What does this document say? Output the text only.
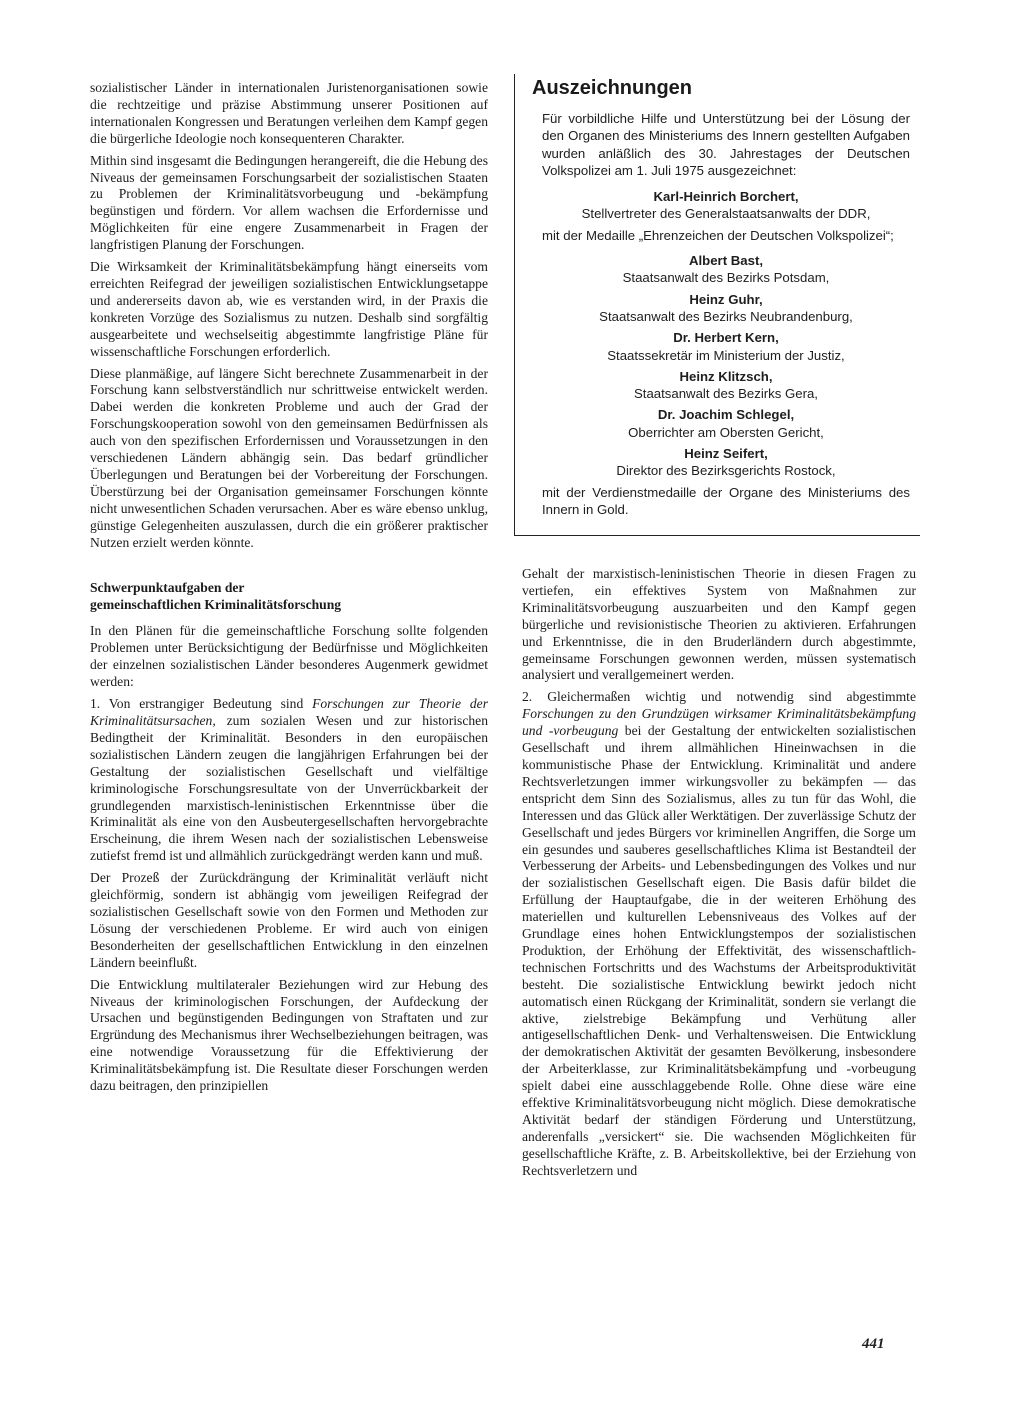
sozialistischer Länder in internationalen Juristenorganisationen sowie die rechtzeitige und präzise Abstimmung unserer Positionen auf internationalen Kongressen und Beratungen verleihen dem Kampf gegen die bürgerliche Ideologie noch konsequenteren Charakter.

Mithin sind insgesamt die Bedingungen herangereift, die die Hebung des Niveaus der gemeinsamen Forschungsarbeit der sozialistischen Staaten zu Problemen der Kriminalitätsvorbeugung und -bekämpfung begünstigen und fördern. Vor allem wachsen die Erfordernisse und Möglichkeiten für eine engere Zusammenarbeit in Fragen der langfristigen Planung der Forschungen.

Die Wirksamkeit der Kriminalitätsbekämpfung hängt einerseits vom erreichten Reifegrad der jeweiligen sozialistischen Entwicklungsetappe und andererseits davon ab, wie es verstanden wird, in der Praxis die konkreten Vorzüge des Sozialismus zu nutzen. Deshalb sind sorgfältig ausgearbeitete und wechselseitig abgestimmte langfristige Pläne für wissenschaftliche Forschungen erforderlich.

Diese planmäßige, auf längere Sicht berechnete Zusammenarbeit in der Forschung kann selbstverständlich nur schrittweise entwickelt werden. Dabei werden die konkreten Probleme und auch der Grad der Forschungskooperation sowohl von den gemeinsamen Bedürfnissen als auch von den spezifischen Erfordernissen und Voraussetzungen in den verschiedenen Ländern abhängig sein. Das bedarf gründlicher Überlegungen und Beratungen bei der Vorbereitung der Forschungen. Überstürzung bei der Organisation gemeinsamer Forschungen könnte nicht unwesentlichen Schaden verursachen. Aber es wäre ebenso unklug, günstige Gelegenheiten auszulassen, durch die ein größerer praktischer Nutzen erzielt werden könnte.

Schwerpunktaufgaben der
gemeinschaftlichen Kriminalitätsforschung

In den Plänen für die gemeinschaftliche Forschung sollte folgenden Problemen unter Berücksichtigung der Bedürfnisse und Möglichkeiten der einzelnen sozialistischen Länder besonderes Augenmerk gewidmet werden:

1. Von erstrangiger Bedeutung sind Forschungen zur Theorie der Kriminalitätsursachen, zum sozialen Wesen und zur historischen Bedingtheit der Kriminalität. Besonders in den europäischen sozialistischen Ländern zeugen die langjährigen Erfahrungen bei der Gestaltung der sozialistischen Gesellschaft und vielfältige kriminologische Forschungsresultate von der Unverrückbarkeit der grundlegenden marxistisch-leninistischen Erkenntnisse über die Kriminalität als eine von den Ausbeutergesellschaften hervorgebrachte Erscheinung, die ihrem Wesen nach der sozialistischen Lebensweise zutiefst fremd ist und allmählich zurückgedrängt werden kann und muß.

Der Prozeß der Zurückdrängung der Kriminalität verläuft nicht gleichförmig, sondern ist abhängig vom jeweiligen Reifegrad der sozialistischen Gesellschaft sowie von den Formen und Methoden zur Lösung der verschiedenen Probleme. Er wird auch von einigen Besonderheiten der gesellschaftlichen Entwicklung in den einzelnen Ländern beeinflußt.

Die Entwicklung multilateraler Beziehungen wird zur Hebung des Niveaus der kriminologischen Forschungen, der Aufdeckung der Ursachen und begünstigenden Bedingungen von Straftaten und zur Ergründung des Mechanismus ihrer Wechselbeziehungen beitragen, was eine notwendige Voraussetzung für die Effektivierung der Kriminalitätsbekämpfung ist. Die Resultate dieser Forschungen werden dazu beitragen, den prinzipiellen

Auszeichnungen

Für vorbildliche Hilfe und Unterstützung bei der Lösung der den Organen des Ministeriums des Innern gestellten Aufgaben wurden anläßlich des 30. Jahrestages der Deutschen Volkspolizei am 1. Juli 1975 ausgezeichnet:

Karl-Heinrich Borchert,
Stellvertreter des Generalstaatsanwalts der DDR,

mit der Medaille „Ehrenzeichen der Deutschen Volkspolizei“;

Albert Bast,
Staatsanwalt des Bezirks Potsdam,
Heinz Guhr,
Staatsanwalt des Bezirks Neubrandenburg,
Dr. Herbert Kern,
Staatssekretär im Ministerium der Justiz,
Heinz Klitzsch,
Staatsanwalt des Bezirks Gera,
Dr. Joachim Schlegel,
Oberrichter am Obersten Gericht,
Heinz Seifert,
Direktor des Bezirksgerichts Rostock,

mit der Verdienstmedaille der Organe des Ministeriums des Innern in Gold.

Gehalt der marxistisch-leninistischen Theorie in diesen Fragen zu vertiefen, ein effektives System von Maßnahmen zur Kriminalitätsvorbeugung auszuarbeiten und den Kampf gegen bürgerliche und revisionistische Theorien zu aktivieren. Erfahrungen und Erkenntnisse, die in den Bruderländern durch abgestimmte, gemeinsame Forschungen gewonnen werden, müssen systematisch analysiert und verallgemeinert werden.

2. Gleichermaßen wichtig und notwendig sind abgestimmte Forschungen zu den Grundzügen wirksamer Kriminalitätsbekämpfung und -vorbeugung bei der Gestaltung der entwickelten sozialistischen Gesellschaft und ihrem allmählichen Hineinwachsen in die kommunistische Phase der Entwicklung. Kriminalität und andere Rechtsverletzungen immer wirkungsvoller zu bekämpfen — das entspricht dem Sinn des Sozialismus, alles zu tun für das Wohl, die Interessen und das Glück aller Werktätigen. Der zuverlässige Schutz der Gesellschaft und jedes Bürgers vor kriminellen Angriffen, die Sorge um ein gesundes und sauberes gesellschaftliches Klima ist Bestandteil der Verbesserung der Arbeits- und Lebensbedingungen des Volkes und nur der sozialistischen Gesellschaft eigen. Die Basis dafür bildet die Erfüllung der Hauptaufgabe, die in der weiteren Erhöhung des materiellen und kulturellen Lebensniveaus des Volkes auf der Grundlage eines hohen Entwicklungstempos der sozialistischen Produktion, der Erhöhung der Effektivität, des wissenschaftlich-technischen Fortschritts und des Wachstums der Arbeitsproduktivität besteht. Die sozialistische Entwicklung bewirkt jedoch nicht automatisch einen Rückgang der Kriminalität, sondern sie verlangt die aktive, zielstrebige Bekämpfung und Verhütung aller antigesellschaftlichen Denk- und Verhaltensweisen. Die Entwicklung der demokratischen Aktivität der gesamten Bevölkerung, insbesondere der Arbeiterklasse, zur Kriminalitätsbekämpfung und -vorbeugung spielt dabei eine ausschlaggebende Rolle. Ohne diese wäre eine effektive Kriminalitätsvorbeugung nicht möglich. Diese demokratische Aktivität bedarf der ständigen Förderung und Unterstützung, anderenfalls „versickert“ sie. Die wachsenden Möglichkeiten für gesellschaftliche Kräfte, z. B. Arbeitskollektive, bei der Erziehung von Rechtsverletzern und

441
